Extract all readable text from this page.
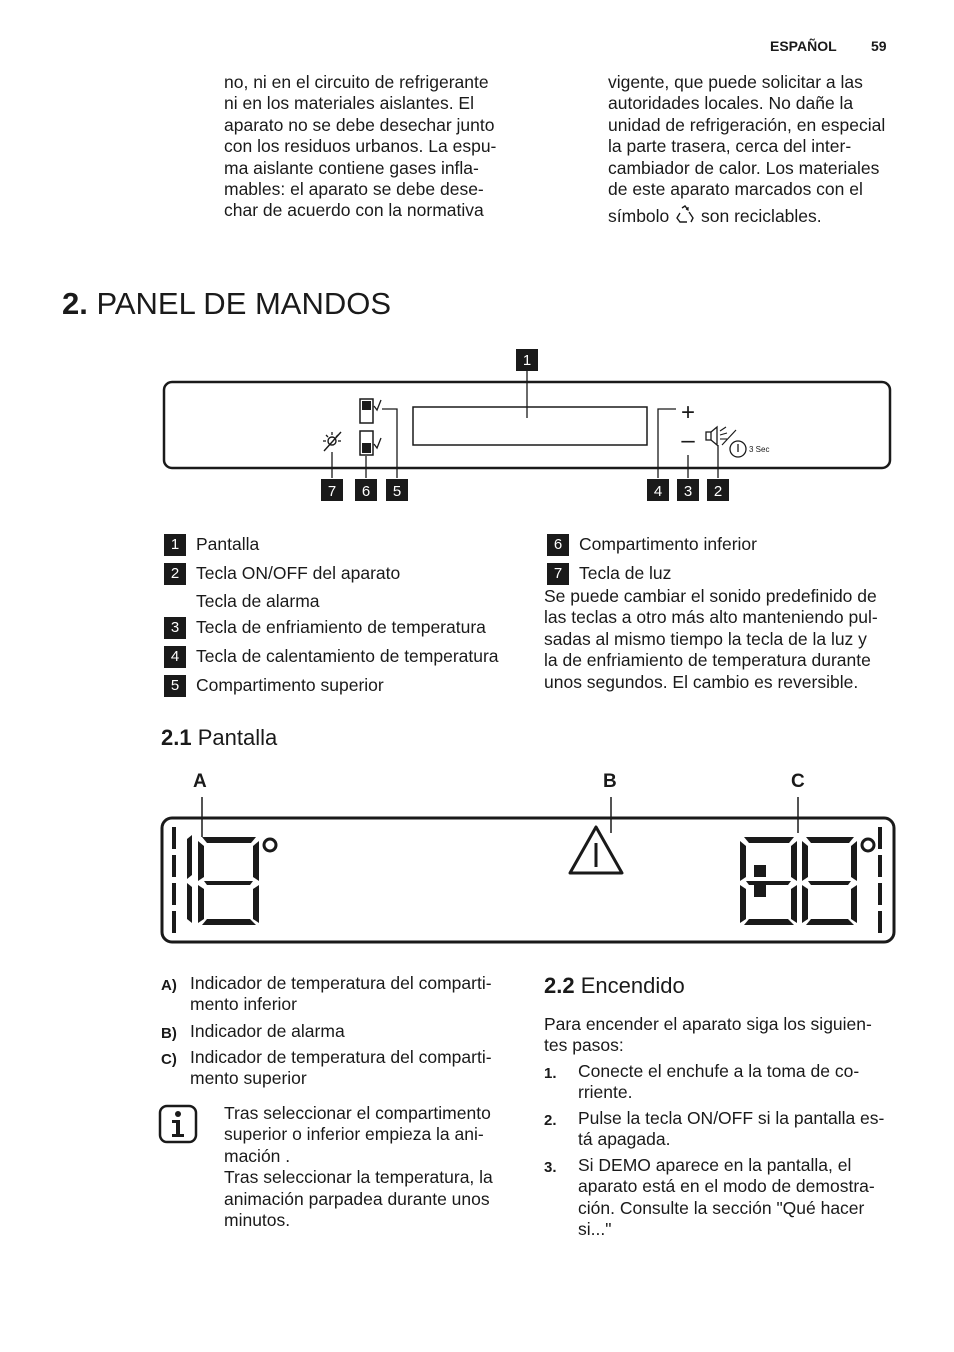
ESPAÑOL 59
no, ni en el circuito de refrigerante
ni en los materiales aislantes. El
aparato no se debe desechar junto
con los residuos urbanos. La espu-
ma aislante contiene gases infla-
mables: el aparato se debe dese-
char de acuerdo con la normativa
vigente, que puede solicitar a las
autoridades locales. No dañe la
unidad de refrigeración, en especial
la parte trasera, cerca del inter-
cambiador de calor. Los materiales
de este aparato marcados con el
símbolo son reciclables.
2. PANEL DE MANDOS
1
+
–	3 Sec
7 6 5	4 3 2
1 Pantalla
2 Tecla ON/OFF del aparato
Tecla de alarma
3 Tecla de enfriamiento de temperatura
4 Tecla de calentamiento de temperatura
5 Compartimento superior
6 Compartimento inferior
7 Tecla de luz
Se puede cambiar el sonido predefinido de
las teclas a otro más alto manteniendo pul-
sadas al mismo tiempo la tecla de la luz y
la de enfriamiento de temperatura durante
unos segundos. El cambio es reversible.
2.1 Pantalla
A	B	C
A) Indicador de temperatura del comparti-
mento inferior
B) Indicador de alarma
C) Indicador de temperatura del comparti-
mento superior
Tras seleccionar el compartimento
superior o inferior empieza la ani-
mación .
Tras seleccionar la temperatura, la
animación parpadea durante unos
minutos.
2.2 Encendido
Para encender el aparato siga los siguien-
tes pasos:
1. Conecte el enchufe a la toma de co-
rriente.
2. Pulse la tecla ON/OFF si la pantalla es-
tá apagada.
3. Si DEMO aparece en la pantalla, el
aparato está en el modo de demostra-
ción. Consulte la sección "Qué hacer
si..."
